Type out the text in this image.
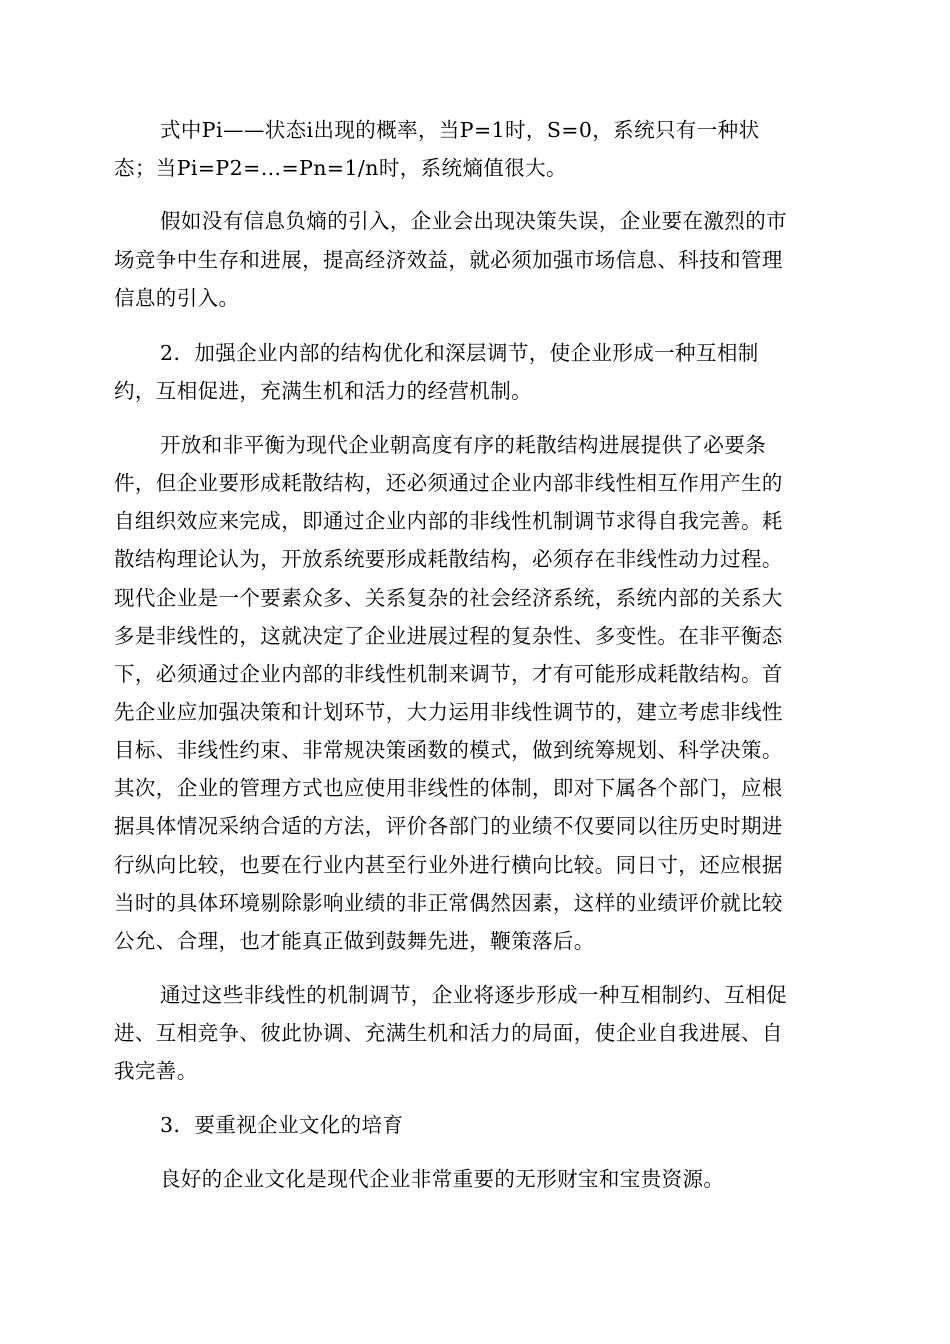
式中Pi——状态i出现的概率，当P=1时，S=0，系统只有一种状
态；当Pi=P2=…=Pn=1/n时，系统熵值很大。
假如没有信息负熵的引入，企业会出现决策失误，企业要在激烈的市
场竞争中生存和进展，提高经济效益，就必须加强市场信息、科技和管理
信息的引入。
2．加强企业内部的结构优化和深层调节，使企业形成一种互相制
约，互相促进，充满生机和活力的经营机制。
开放和非平衡为现代企业朝高度有序的耗散结构进展提供了必要条
件，但企业要形成耗散结构，还必须通过企业内部非线性相互作用产生的
自组织效应来完成，即通过企业内部的非线性机制调节求得自我完善。耗
散结构理论认为，开放系统要形成耗散结构，必须存在非线性动力过程。
现代企业是一个要素众多、关系复杂的社会经济系统，系统内部的关系大
多是非线性的，这就决定了企业进展过程的复杂性、多变性。在非平衡态
下，必须通过企业内部的非线性机制来调节，才有可能形成耗散结构。首
先企业应加强决策和计划环节，大力运用非线性调节的，建立考虑非线性
目标、非线性约束、非常规决策函数的模式，做到统筹规划、科学决策。
其次，企业的管理方式也应使用非线性的体制，即对下属各个部门，应根
据具体情况采纳合适的方法，评价各部门的业绩不仅要同以往历史时期进
行纵向比较，也要在行业内甚至行业外进行横向比较。同日寸，还应根据
当时的具体环境剔除影响业绩的非正常偶然因素，这样的业绩评价就比较
公允、合理，也才能真正做到鼓舞先进，鞭策落后。
通过这些非线性的机制调节，企业将逐步形成一种互相制约、互相促
进、互相竞争、彼此协调、充满生机和活力的局面，使企业自我进展、自
我完善。
3．要重视企业文化的培育
良好的企业文化是现代企业非常重要的无形财宝和宝贵资源。
